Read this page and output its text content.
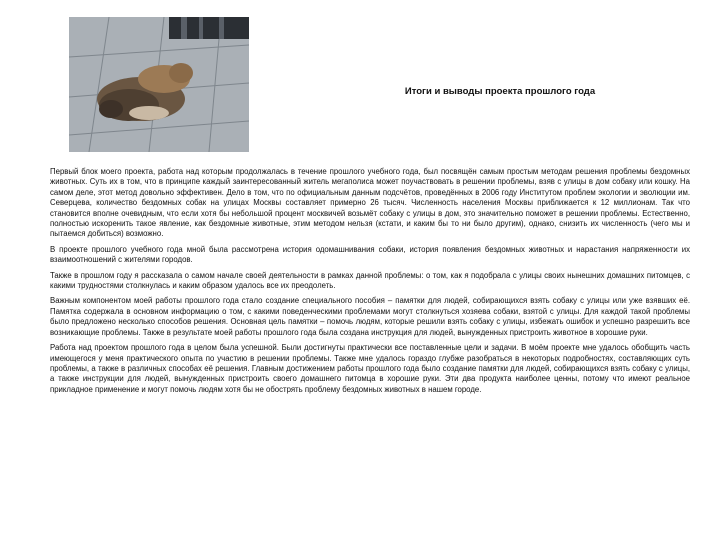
Итоги и выводы проекта прошлого года

Первый блок моего проекта, работа над которым продолжалась в течение прошлого учебного года, был посвящён самым простым методам решения проблемы бездомных животных. Суть их в том, что в принципе каждый заинтересованный житель мегаполиса может поучаствовать в решении проблемы, взяв с улицы в дом собаку или кошку. На самом деле, этот метод довольно эффективен. Дело в том, что по официальным данным подсчётов, проведённых в 2006 году Институтом проблем экологии и эволюции им. Северцева, количество бездомных собак на улицах Москвы составляет примерно 26 тысяч. Численность населения Москвы приближается к 12 миллионам. Так что становится вполне очевидным, что если хотя бы небольшой процент москвичей возьмёт собаку с улицы в дом, это значительно поможет в решении проблемы. Естественно, полностью искоренить такое явление, как бездомные животные, этим методом нельзя (кстати, и каким бы то ни было другим), однако, снизить их численность (чего мы и пытаемся добиться) возможно.

В проекте прошлого учебного года мной была рассмотрена история одомашнивания собаки, история появления бездомных животных и нарастания напряженности их взаимоотношений с жителями городов.

Также в прошлом году я рассказала о самом начале своей деятельности в рамках данной проблемы: о том, как я подобрала с улицы своих нынешних домашних питомцев, с какими трудностями столкнулась и каким образом удалось все их преодолеть.

Важным компонентом моей работы прошлого года стало создание специального пособия – памятки для людей, собирающихся взять собаку с улицы или уже взявших её. Памятка содержала в основном информацию о том, с какими поведенческими проблемами могут столкнуться хозяева собаки, взятой с улицы. Для каждой такой проблемы было предложено несколько способов решения. Основная цель памятки – помочь людям, которые решили взять собаку с улицы, избежать ошибок и успешно разрешить все возникающие проблемы. Также в результате моей работы прошлого года была создана инструкция для людей, вынужденных пристроить животное в хорошие руки.

Работа над проектом прошлого года в целом была успешной. Были достигнуты практически все поставленные цели и задачи. В моём проекте мне удалось обобщить часть имеющегося у меня практического опыта по участию в решении проблемы. Также мне удалось гораздо глубже разобраться в некоторых подробностях, составляющих суть проблемы, а также в различных способах её решения. Главным достижением работы прошлого года было создание памятки для людей, собирающихся взять собаку с улицы, а также инструкции для людей, вынужденных пристроить своего домашнего питомца в хорошие руки. Эти два продукта наиболее ценны, потому что имеют реальное прикладное применение и могут помочь людям хотя бы не обострять проблему бездомных животных в нашем городе.
